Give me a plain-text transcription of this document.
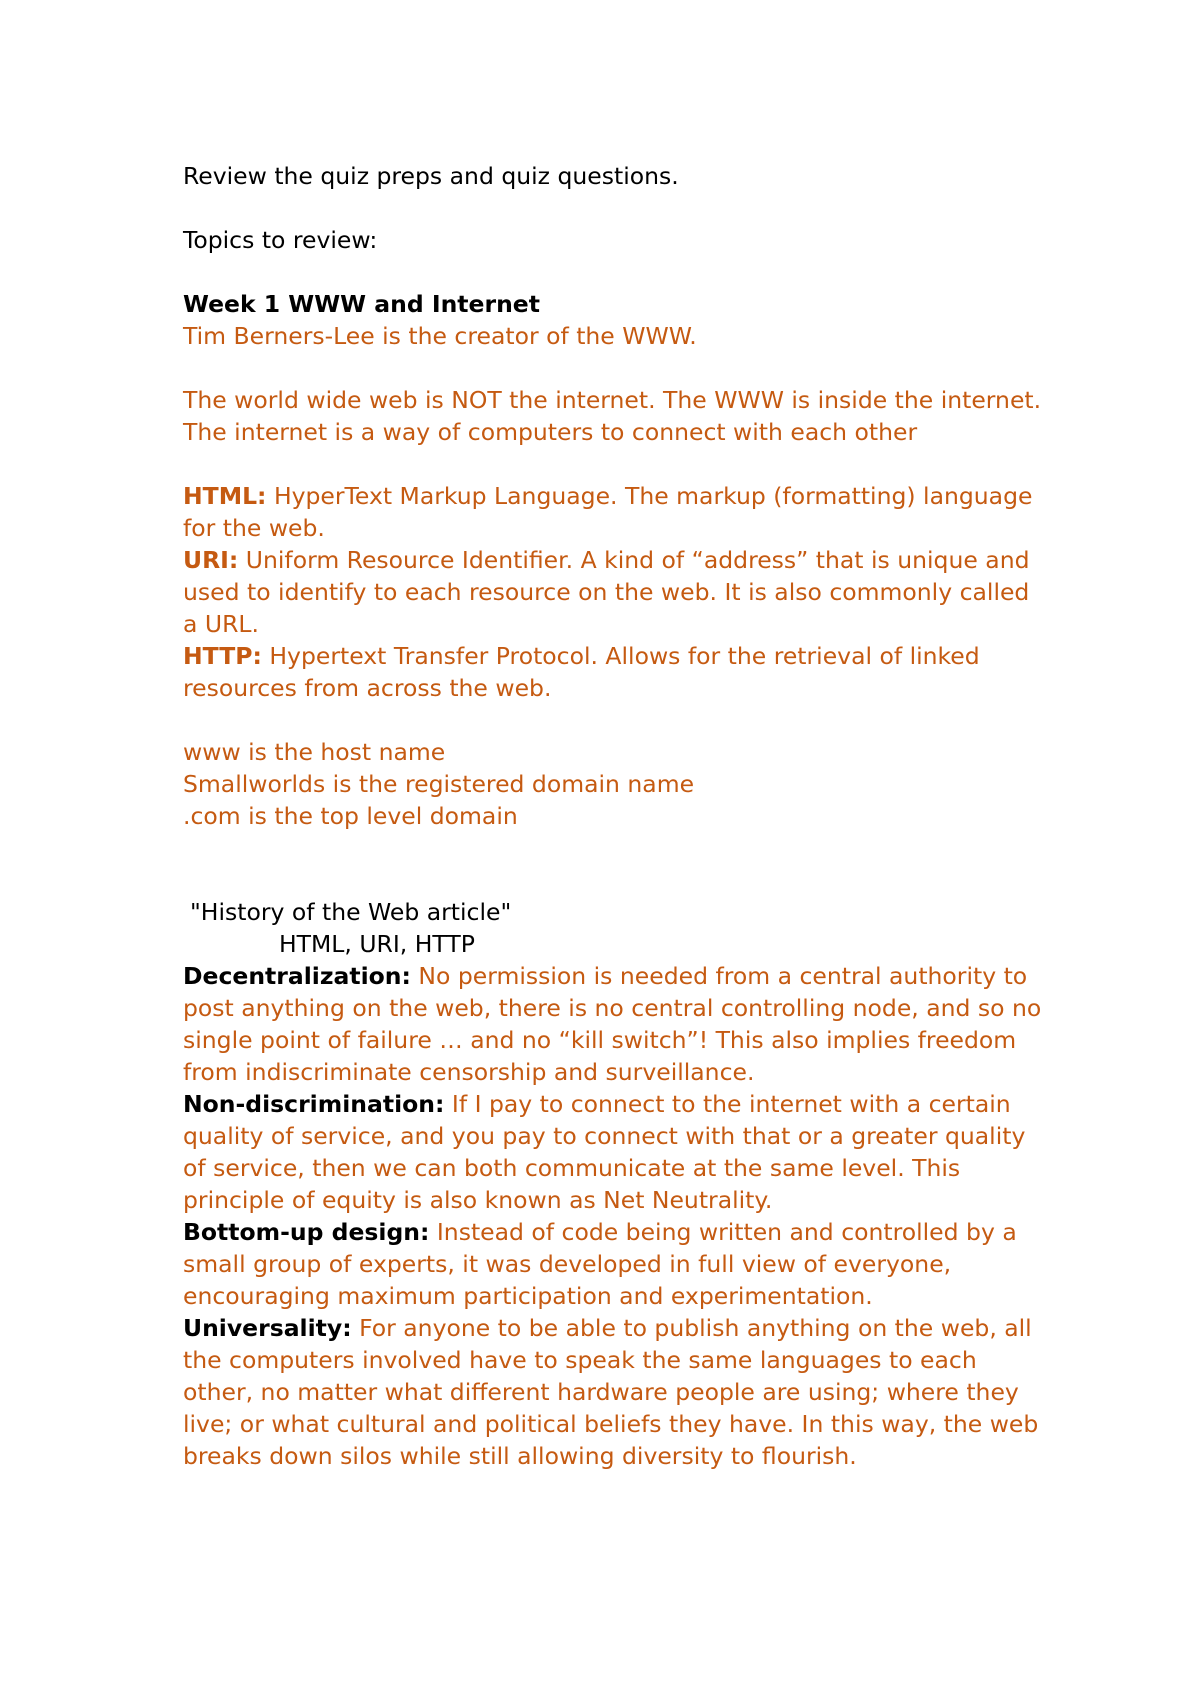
Review the quiz preps and quiz questions.
Topics to review:
Week 1 WWW and Internet
Tim Berners-Lee is the creator of the WWW.
The world wide web is NOT the internet. The WWW is inside the internet.
The internet is a way of computers to connect with each other
HTML: HyperText Markup Language. The markup (formatting) language for the web.
URI: Uniform Resource Identifier. A kind of “address” that is unique and used to identify to each resource on the web. It is also commonly called a URL.
HTTP: Hypertext Transfer Protocol. Allows for the retrieval of linked resources from across the web.
www is the host name
Smallworlds is the registered domain name
.com is the top level domain
"History of the Web article"
HTML, URI, HTTP
Decentralization: No permission is needed from a central authority to post anything on the web, there is no central controlling node, and so no single point of failure … and no “kill switch”! This also implies freedom from indiscriminate censorship and surveillance.
Non-discrimination: If I pay to connect to the internet with a certain quality of service, and you pay to connect with that or a greater quality of service, then we can both communicate at the same level. This principle of equity is also known as Net Neutrality.
Bottom-up design: Instead of code being written and controlled by a small group of experts, it was developed in full view of everyone, encouraging maximum participation and experimentation.
Universality: For anyone to be able to publish anything on the web, all the computers involved have to speak the same languages to each other, no matter what different hardware people are using; where they live; or what cultural and political beliefs they have. In this way, the web breaks down silos while still allowing diversity to flourish.
